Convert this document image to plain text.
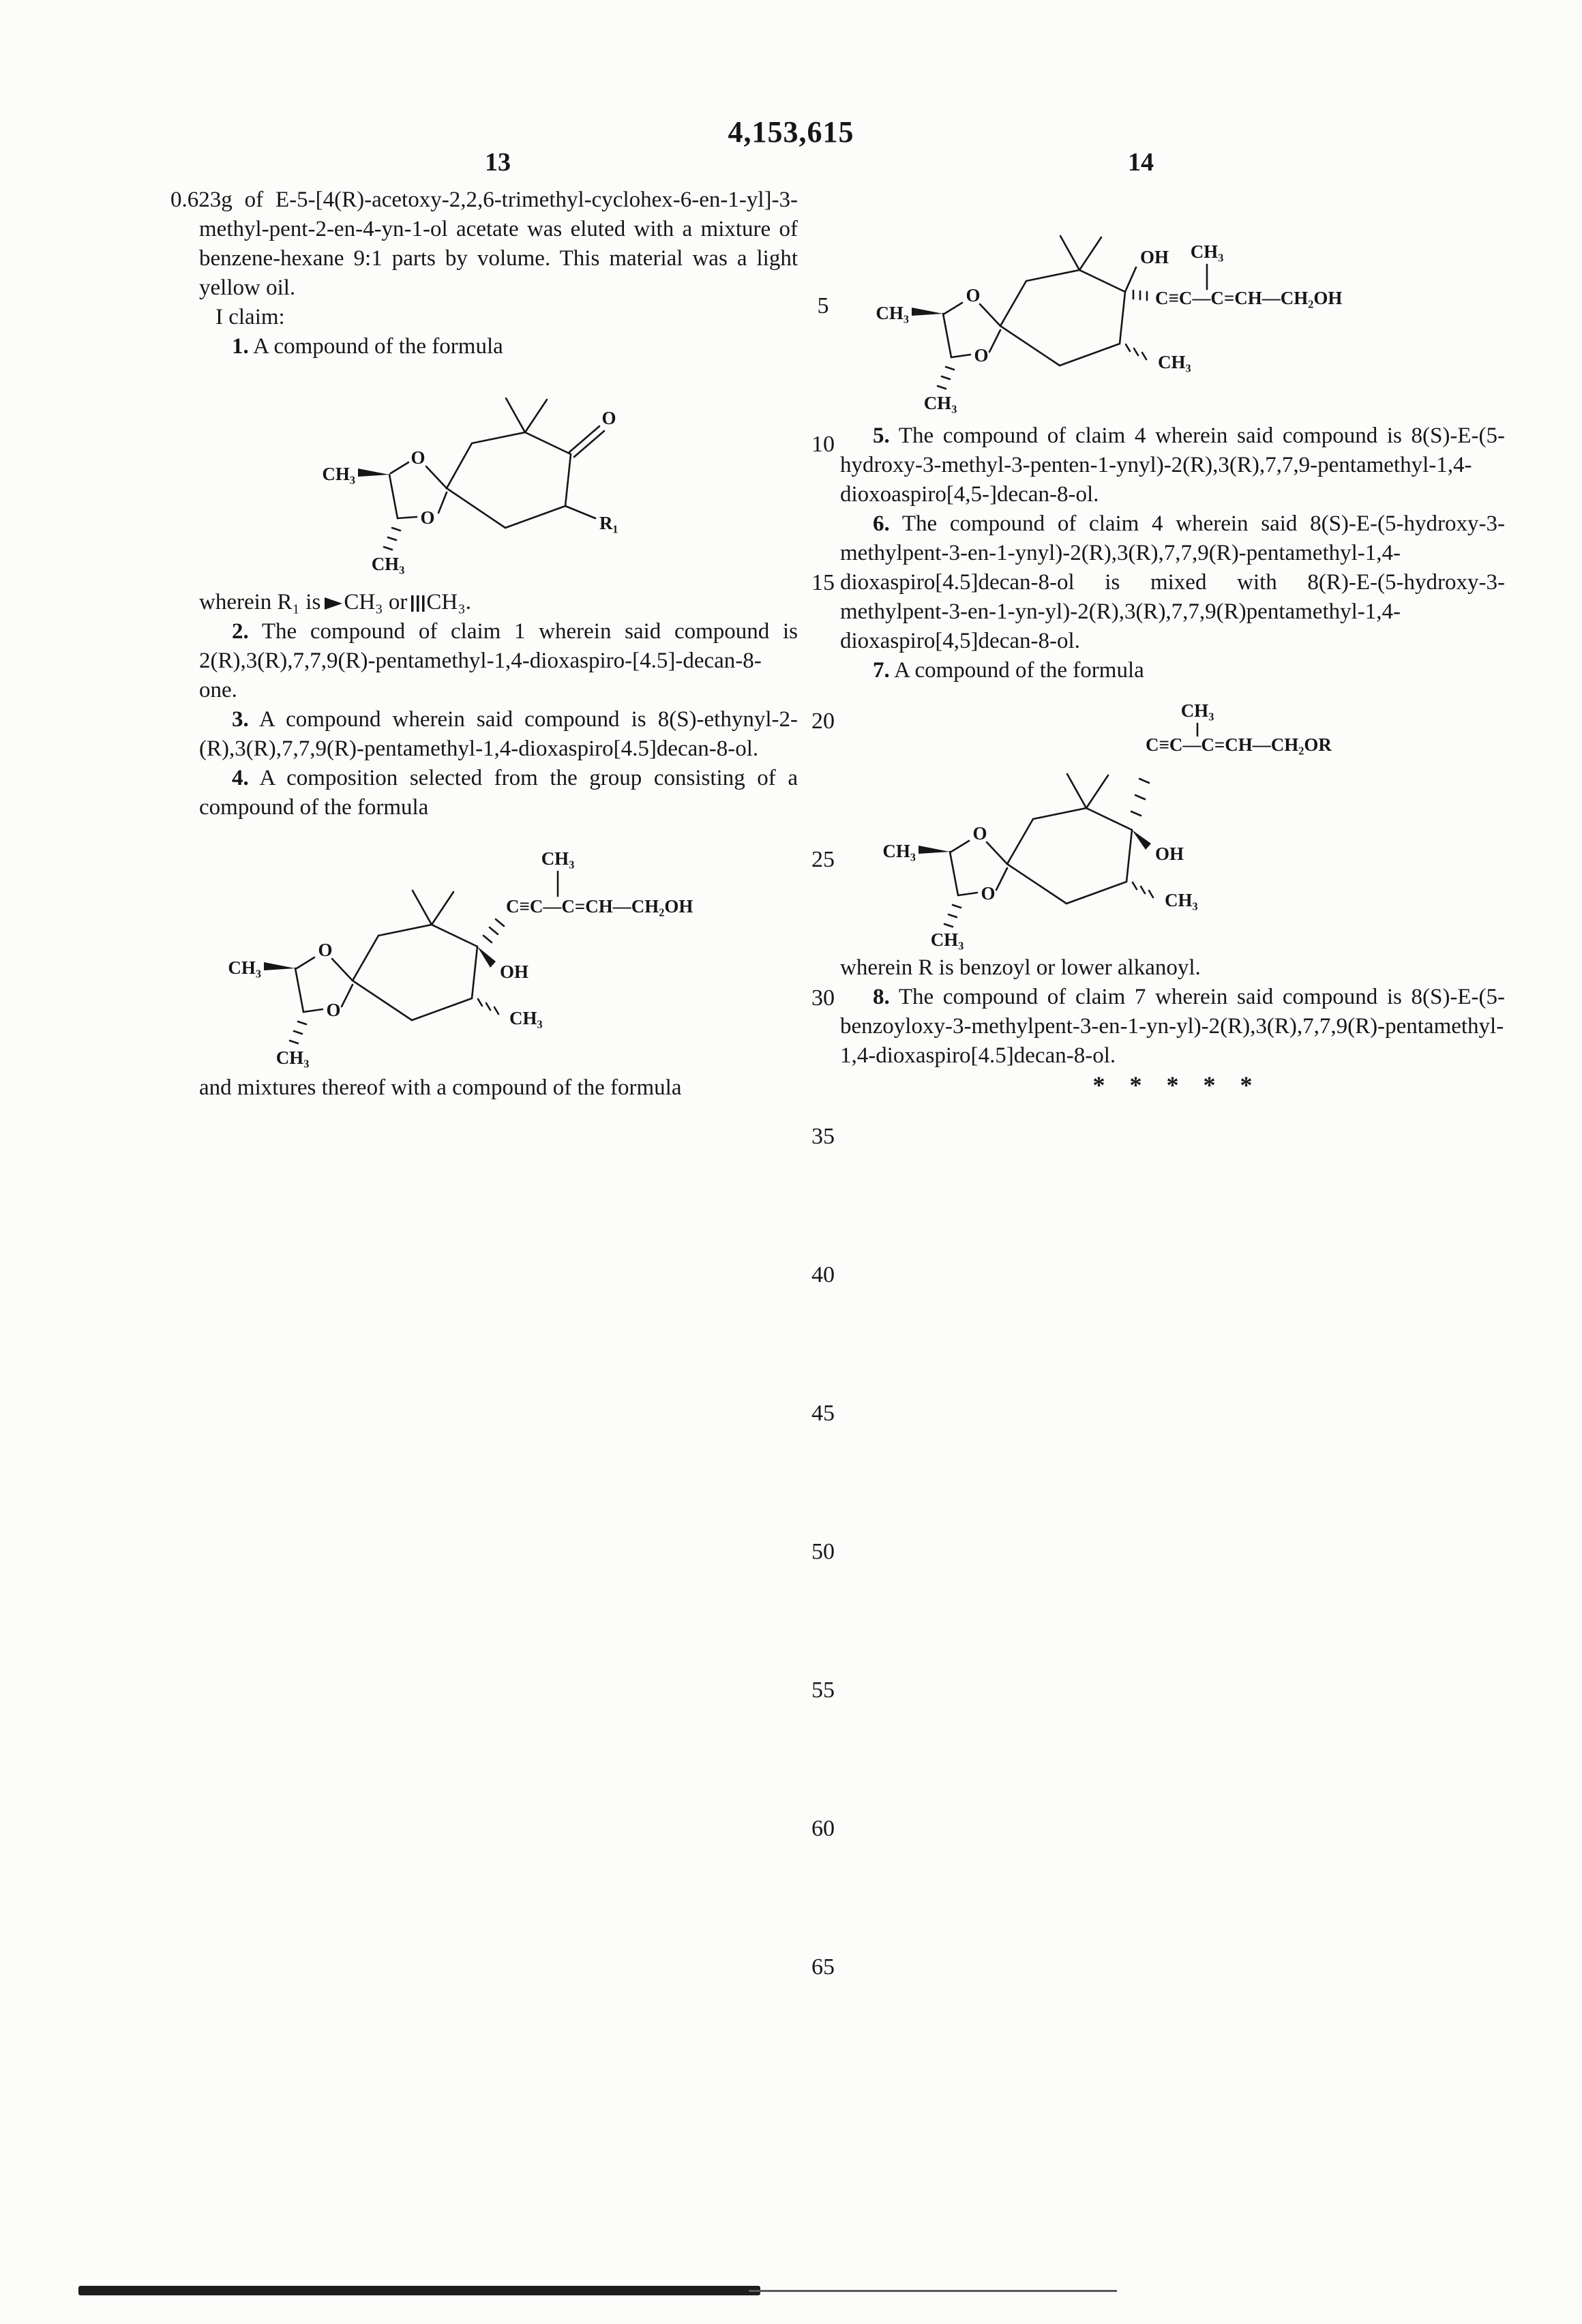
4,153,615
13	14
5
10
15
20
25
30
35
40
45
50
55
60
65

0.623g of E-5-[4(R)-acetoxy-2,2,6-trimethyl-cyclohex-6-en-1-yl]-3-methyl-pent-2-en-4-yn-1-ol acetate was eluted with a mixture of benzene-hexane 9:1 parts by volume. This material was a light yellow oil.

I claim:

1. A compound of the formula

CH₃
O
O
CH₃
O
R₁

wherein R₁ is CH₃ or CH₃.

2. The compound of claim 1 wherein said compound is 2(R),3(R),7,7,9(R)-pentamethyl-1,4-dioxaspiro-[4.5]-decan-8-one.

3. A compound wherein said compound is 8(S)-ethynyl-2-(R),3(R),7,7,9(R)-pentamethyl-1,4-dioxaspiro[4.5]decan-8-ol.

4. A composition selected from the group consisting of a compound of the formula

C≡C—C=CH—CH₂OH
CH₃
OH
CH₃
CH₃
O
O
CH₃

and mixtures thereof with a compound of the formula

OH
C≡C—C=CH—CH₂OH
CH₃
CH₃
CH₃
O
O
CH₃

5. The compound of claim 4 wherein said compound is 8(S)-E-(5-hydroxy-3-methyl-3-penten-1-ynyl)-2(R),3(R),7,7,9-pentamethyl-1,4-dioxoaspiro[4,5-]decan-8-ol.

6. The compound of claim 4 wherein said 8(S)-E-(5-hydroxy-3-methylpent-3-en-1-ynyl)-2(R),3(R),7,7,9(R)-pentamethyl-1,4-dioxaspiro[4.5]decan-8-ol is mixed with 8(R)-E-(5-hydroxy-3-methylpent-3-en-1-yn-yl)-2(R),3(R),7,7,9(R)pentamethyl-1,4-dioxaspiro[4,5]decan-8-ol.

7. A compound of the formula

C≡C—C=CH—CH₂OR
CH₃
OH
CH₃
CH₃
O
O
CH₃

wherein R is benzoyl or lower alkanoyl.

8. The compound of claim 7 wherein said compound is 8(S)-E-(5-benzoyloxy-3-methylpent-3-en-1-yn-yl)-2(R),3(R),7,7,9(R)-pentamethyl-1,4-dioxaspiro[4.5]decan-8-ol.

*    *    *    *    *
